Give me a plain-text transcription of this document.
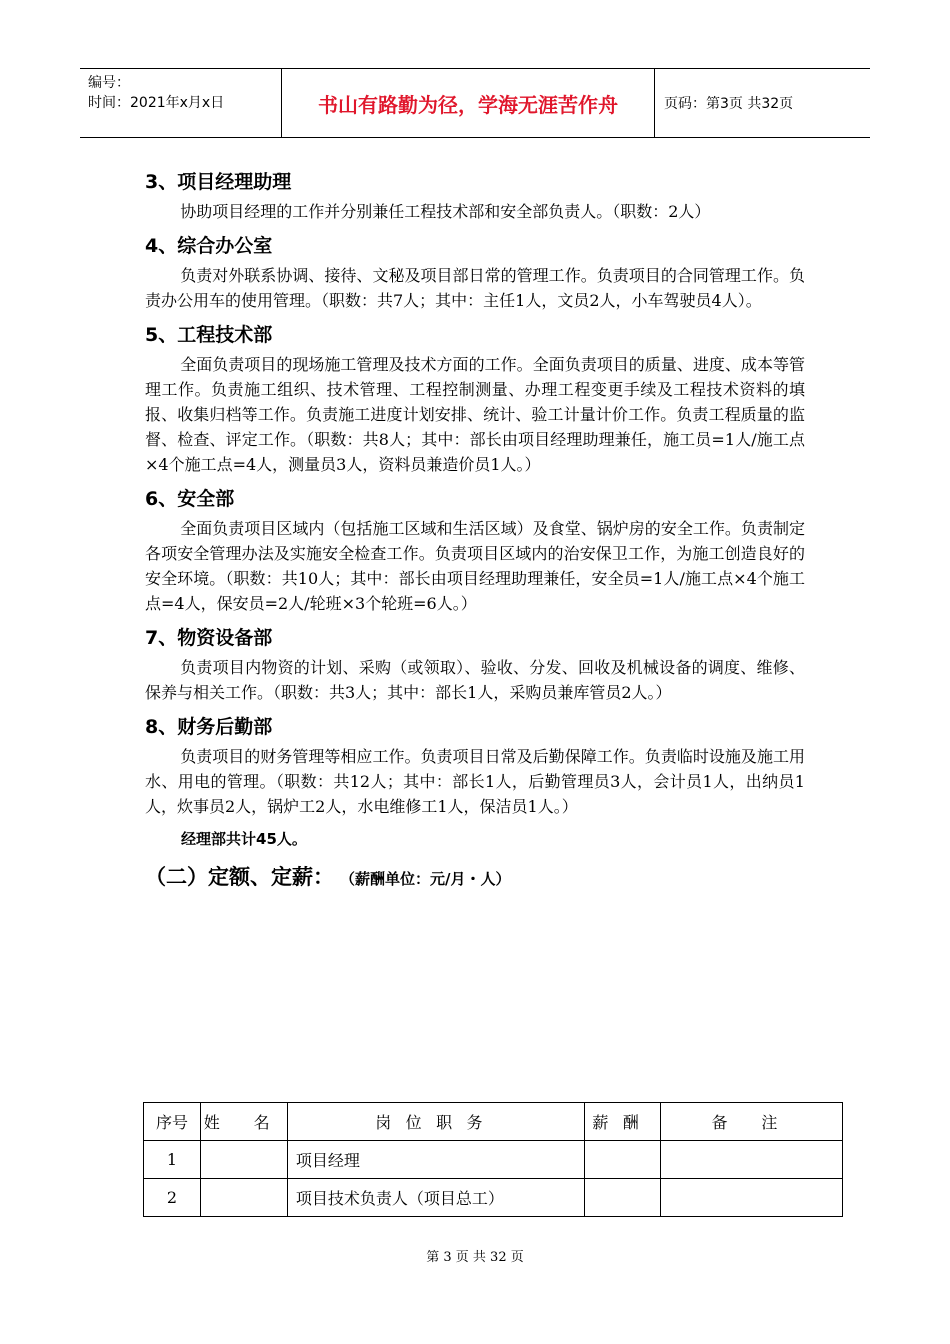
编号：
时间：2021年x月x日	书山有路勤为径，学海无涯苦作舟	页码：第3页 共32页
3、项目经理助理
协助项目经理的工作并分别兼任工程技术部和安全部负责人。（职数：2人）
4、综合办公室
负责对外联系协调、接待、文秘及项目部日常的管理工作。负责项目的合同管理工作。负责办公用车的使用管理。（职数：共7人；其中：主任1人，文员2人，小车驾驶员4人）。
5、工程技术部
全面负责项目的现场施工管理及技术方面的工作。全面负责项目的质量、进度、成本等管理工作。负责施工组织、技术管理、工程控制测量、办理工程变更手续及工程技术资料的填报、收集归档等工作。负责施工进度计划安排、统计、验工计量计价工作。负责工程质量的监督、检查、评定工作。（职数：共8人；其中：部长由项目经理助理兼任，施工员=1人/施工点×4个施工点=4人，测量员3人，资料员兼造价员1人。）
6、安全部
全面负责项目区域内（包括施工区域和生活区域）及食堂、锅炉房的安全工作。负责制定各项安全管理办法及实施安全检查工作。负责项目区域内的治安保卫工作，为施工创造良好的安全环境。（职数：共10人；其中：部长由项目经理助理兼任，安全员=1人/施工点×4个施工点=4人，保安员=2人/轮班×3个轮班=6人。）
7、物资设备部
负责项目内物资的计划、采购（或领取）、验收、分发、回收及机械设备的调度、维修、保养与相关工作。（职数：共3人；其中：部长1人，采购员兼库管员2人。）
8、财务后勤部
负责项目的财务管理等相应工作。负责项目日常及后勤保障工作。负责临时设施及施工用水、用电的管理。（职数：共12人；其中：部长1人，后勤管理员3人，会计员1人，出纳员1人，炊事员2人，锅炉工2人，水电维修工1人，保洁员1人。）
经理部共计45人。
（二）定额、定薪： （薪酬单位：元/月・人）
序号	姓 名	岗位职务	薪酬	备 注
1		项目经理		
2		项目技术负责人（项目总工）		
第 3 页 共 32 页
